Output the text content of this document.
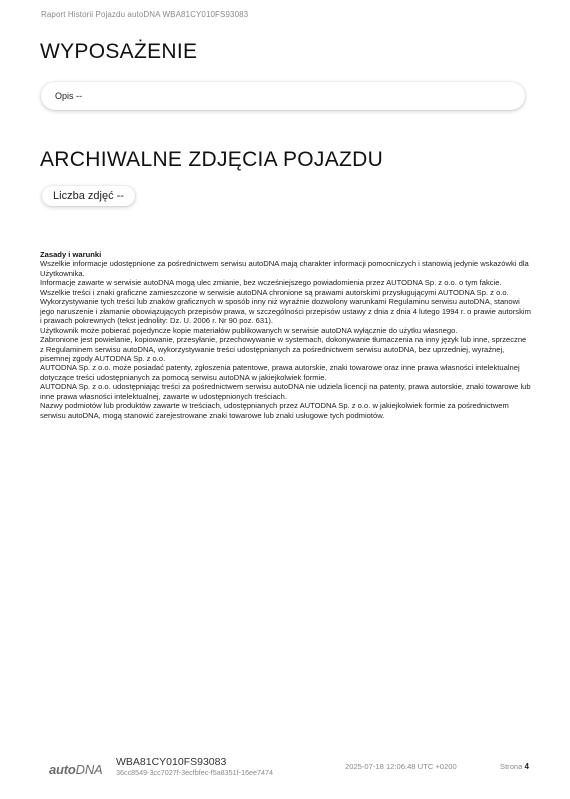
Raport Historii Pojazdu autoDNA WBA81CY010FS93083
WYPOSAŻENIE
Opis --
ARCHIWALNE ZDJĘCIA POJAZDU
Liczba zdjęć --

Zasady i warunki

Wszelkie informacje udostępnione za pośrednictwem serwisu autoDNA mają charakter informacji pomocniczych i stanowią jedynie wskazówki dla Użytkownika.

Informacje zawarte w serwisie autoDNA mogą ulec zmianie, bez wcześniejszego powiadomienia przez AUTODNA Sp. z o.o. o tym fakcie.

Wszelkie treści i znaki graficzne zamieszczone w serwisie autoDNA chronione są prawami autorskimi przysługującymi AUTODNA Sp. z o.o.

Wykorzystywanie tych treści lub znaków graficznych w sposób inny niż wyraźnie dozwolony warunkami Regulaminu serwisu autoDNA, stanowi jego naruszenie i złamanie obowiązujących przepisów prawa, w szczególności przepisów ustawy z dnia z dnia 4 lutego 1994 r. o prawie autorskim i prawach pokrewnych (tekst jednolity: Dz. U. 2006 r. Nr 90 poz. 631).

Użytkownik może pobierać pojedyncze kopie materiałów publikowanych w serwisie autoDNA wyłącznie do użytku własnego.

Zabronione jest powielanie, kopiowanie, przesyłanie, przechowywanie w systemach, dokonywanie tłumaczenia na inny język lub inne, sprzeczne z Regulaminem serwisu autoDNA, wykorzystywanie treści udostępnianych za pośrednictwem serwisu autoDNA, bez uprzedniej, wyraźnej, pisemnej zgody AUTODNA Sp. z o.o.

AUTODNA Sp. z o.o. może posiadać patenty, zgłoszenia patentowe, prawa autorskie, znaki towarowe oraz inne prawa własności intelektualnej dotyczące treści udostępnianych za pomocą serwisu autoDNA w jakiejkolwiek formie.

AUTODNA Sp. z o.o. udostępniając treści za pośrednictwem serwisu autoDNA nie udziela licencji na patenty, prawa autorskie, znaki towarowe lub inne prawa własności intelektualnej, zawarte w udostępnionych treściach.

Nazwy podmiotów lub produktów zawarte w treściach, udostępnianych przez AUTODNA Sp. z o.o. w jakiejkolwiek formie za pośrednictwem serwisu autoDNA, mogą stanowić zarejestrowane znaki towarowe lub znaki usługowe tych podmiotów.

autoDNA WBA81CY010FS93083
36cc8549-3cc7027f-3ecfbfec-f5a8351f-16ee7474
2025-07-18 12:06:48 UTC +0200	Strona 4
